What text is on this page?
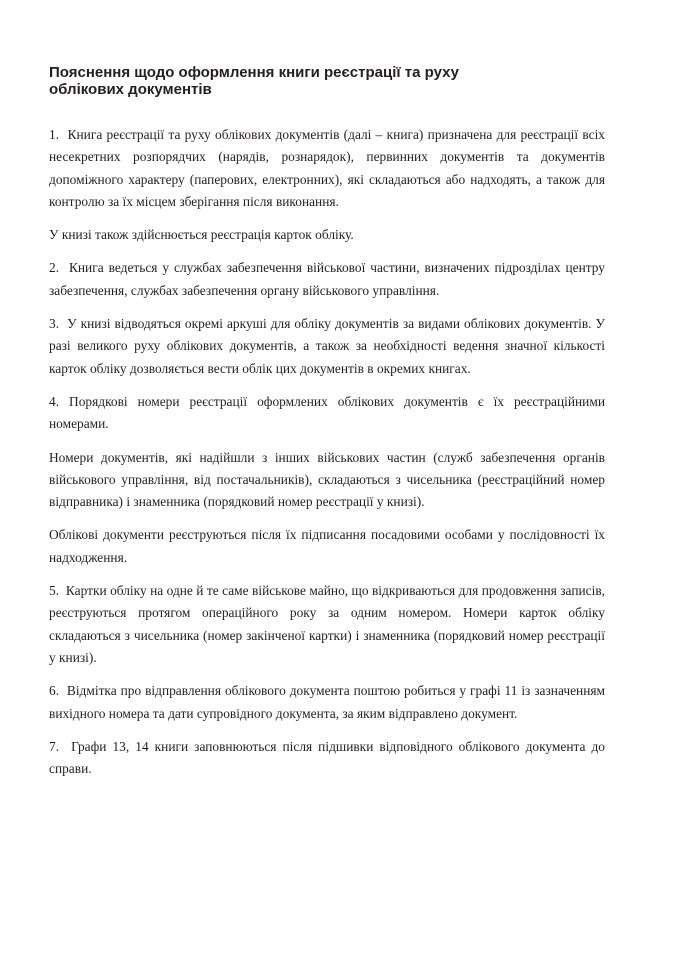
Пояснення щодо оформлення книги реєстрації та руху
облікових документів

1.  Книга реєстрації та руху облікових документів (далі – книга) призначена для реєстрації всіх несекретних розпорядчих (нарядів, рознарядок), первинних документів та документів допоміжного характеру (паперових, електронних), які складаються або надходять, а також для контролю за їх місцем зберігання після виконання.

У книзі також здійснюється реєстрація карток обліку.

2.  Книга ведеться у службах забезпечення військової частини, визначених підрозділах центру забезпечення, службах забезпечення органу військового управління.

3.  У книзі відводяться окремі аркуші для обліку документів за видами облікових документів. У разі великого руху облікових документів, а також за необхідності ведення значної кількості карток обліку дозволяється вести облік цих документів в окремих книгах.

4. Порядкові номери реєстрації оформлених облікових документів є їх реєстраційними номерами.

Номери документів, які надійшли з інших військових частин (служб забезпечення органів військового управління, від постачальників), складаються з чисельника (реєстраційний номер відправника) і знаменника (порядковий номер реєстрації у книзі).

Облікові документи реєструються після їх підписання посадовими особами у послідовності їх надходження.

5.  Картки обліку на одне й те саме військове майно, що відкриваються для продовження записів, реєструються протягом операційного року за одним номером. Номери карток обліку складаються з чисельника (номер закінченої картки) і знаменника (порядковий номер реєстрації у книзі).

6.  Відмітка про відправлення облікового документа поштою робиться у графі 11 із зазначенням вихідного номера та дати супровідного документа, за яким відправлено документ.

7.  Графи 13, 14 книги заповнюються після підшивки відповідного облікового документа до справи.
